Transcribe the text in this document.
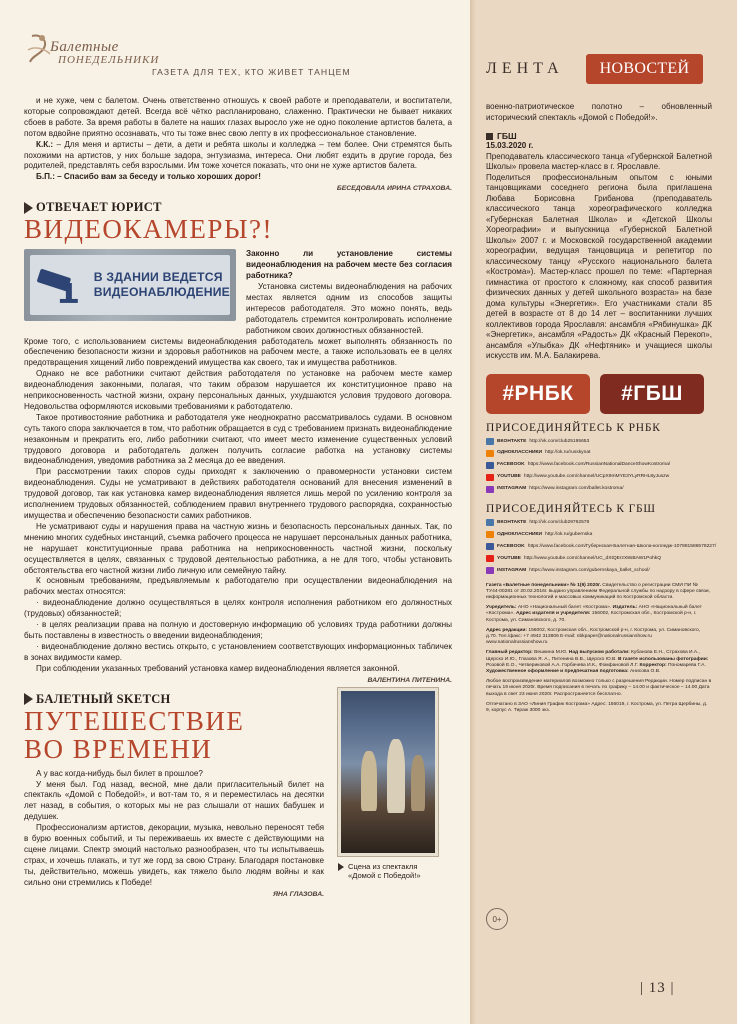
Балетные
ПОНЕДЕЛЬНИКИ
ГАЗЕТА ДЛЯ ТЕХ, КТО ЖИВЕТ ТАНЦЕМ

и не хуже, чем с балетом. Очень ответственно отношусь к своей работе и преподаватели, и воспитатели, которые сопровождают детей. Всегда всё чётко распланировано, слаженно. Практически не бывает никаких сбоев в работе. За время работы в балете на наших глазах выросло уже не одно поколение артистов балета, а потом вдвойне приятно осознавать, что ты тоже внес свою лепту в их профессиональное становление.

К.К.: – Для меня и артисты – дети, а дети и ребята школы и колледжа – тем более. Они стремятся быть похожими на артистов, у них больше задора, энтузиазма, интереса. Они любят ездить в другие города, без родителей, представлять себя взрослыми. Им тоже хочется показать, что они не хуже артистов балета.

Б.П.: – Спасибо вам за беседу и только хороших дорог!

БЕСЕДОВАЛА ИРИНА СТРАХОВА.
ОТВЕЧАЕТ ЮРИСТ
ВИДЕОКАМЕРЫ?!
В ЗДАНИИ ВЕДЕТСЯ
ВИДЕОНАБЛЮДЕНИЕ

Законно ли установление системы видеонаблюдения на рабочем месте без согласия работника?

Установка системы видеонаблюдения на рабочих местах является одним из способов защиты интересов работодателя. Это можно понять, ведь работодатель стремится контролировать исполнение работником своих должностных обязанностей.

Кроме того, с использованием системы видеонаблюдения работодатель может выполнять обязанность по обеспечению безопасности жизни и здоровья работников на рабочем месте, а также использовать ее в целях предотвращения хищений либо повреждений имущества как своего, так и имущества работников.

Однако не все работники считают действия работодателя по установке на рабочем месте камер видеонаблюдения законными, полагая, что таким образом нарушается их конституционное право на неприкосновенность частной жизни, охрану персональных данных, ухудшаются условия трудового договора. Недовольства оформляются исковыми требованиями к работодателю.

Такое противостояние работника и работодателя уже неоднократно рассматривалось судами. В основном суть такого спора заключается в том, что работник обращается в суд с требованием признать видеонаблюдение незаконным и прекратить его, либо работники считают, что имеет место изменение существенных условий трудового договора и работодатель должен получить согласие работка на установку системы видеонаблюдения, уведомив работника за 2 месяца до ее введения.

При рассмотрении таких споров суды приходят к заключению о правомерности установки систем видеонаблюдения. Суды не усматривают в действиях работодателя оснований для внесения изменений в трудовой договор, так как установка камер видеонаблюдения является лишь мерой по усилению контроля за исполнением трудовых обязанностей, соблюдением правил внутреннего трудового распорядка, сохранностью имущества и обеспечению безопасности самих работников.

Не усматривают суды и нарушения права на частную жизнь и безопасность персональных данных. Так, по мнению многих судебных инстанций, съемка рабочего процесса не нарушает персональных данных работника, не нарушает конституционные права работника на неприкосновенность частной жизни, поскольку осуществляется в целях, связанных с трудовой деятельностью работника, а не для того, чтобы установить обстоятельства его частной жизни либо личную или семейную тайну.

К основным требованиям, предъявляемым к работодателю при осуществлении видеонаблюдения на рабочих местах относятся:

· видеонаблюдение должно осуществляться в целях контроля исполнения работником его должностных (трудовых) обязанностей;

· в целях реализации права на полную и достоверную информацию об условиях труда работники должны быть поставлены в известность о введении видеонаблюдения;

· видеонаблюдение должно вестись открыто, с установлением соответствующих информационных табличек в зонах видимости камер.

При соблюдении указанных требований установка камер видеонаблюдения является законной.

ВАЛЕНТИНА ПИТЕНИНА.
БАЛЕТНЫЙ SKETCH
ПУТЕШЕСТВИЕ
ВО ВРЕМЕНИ

А у вас когда-нибудь был билет в прошлое?

У меня был. Год назад, весной, мне дали пригласительный билет на спектакль «Домой с Победой!», и вот-там то, я и переместилась на десятки лет назад, в события, о которых мы не раз слышали от наших бабушек и дедушек.

Профессионализм артистов, декорации, музыка, невольно переносят тебя в бурю военных событий, и ты переживаешь их вместе с действующими на сцене лицами. Спектр эмоций настолько разнообразен, что ты испытываешь страх, и хочешь плакать, и тут же горд за свою Страну. Благодаря постановке ты, действительно, можешь увидеть, как тяжело было людям войны и как сильно они стремились к Победе!

Сцена из спектакля
«Домой с Победой!»
ЯНА ГЛАЗОВА.
ЛЕНТА	НОВОСТЕЙ

военно-патриотическое полотно – обновленный исторический спектакль «Домой с Победой!».

ГБШ
15.03.2020 г.

Преподаватель классического танца «Губернской Балетной Школы» провела мастер-класс в г. Ярославле.

Поделиться профессиональным опытом с юными танцовщиками соседнего региона была приглашена Любава Борисовна Грибанова (преподаватель классического танца хореографического колледжа «Губернская Балетная Школа» и «Детской Школы Хореографии» и выпускница «Губернской Балетной Школы» 2007 г. и Московской государственной академии хореографии, ведущая танцовщица и репетитор по классическому танцу «Русского национального балета «Кострома»). Мастер-класс прошел по теме: «Партерная гимнастика от простого к сложному, как способ развития физических данных у детей школьного возраста» на базе дома культуры «Энергетик». Его участниками стали 85 детей в возрасте от 8 до 14 лет – воспитанники лучших коллективов города Ярославля: ансамбля «Рябинушка» ДК «Энергетик», ансамбля «Радость» ДК «Красный Перекоп», ансамбля «Улыбка» ДК «Нефтяник» и учащиеся школы искусств им. М.А. Балакирева.

#РНБК	#ГБШ
ПРИСОЕДИНЯЙТЕСЬ К РНБК
ВКОНТАКТЕ http://vk.com/club25195653
ОДНОКЛАССНИКИ http://ok.ru/russkynat
FACEBOOK https://www.facebook.com/RussianNationalDanceShowKostroma/
YOUTUBE http://www.youtube.com/channel/UCpX9mMYE3YLyRRHL8yJuszw
INSTAGRAM https://www.instagram.com/ballet.kostroma/
ПРИСОЕДИНЯЙТЕСЬ К ГБШ
ВКОНТАКТЕ http://vk.com/club29762578
ОДНОКЛАССНИКИ http://ok.ru/gubernska
FACEBOOK https://www.facebook.com/Губернская-Балетная-Школа-колледж-107881586578227/
YOUTUBE http://www.youtube.com/channel/UC_dXtQErzX8sBAW1PohkQ
INSTAGRAM https://www.instagram.com/gubernskaya_ballet_school/

Газета «Балетные понедельники» № 1(9) 2020г. Свидетельство о регистрации СМИ ПИ № ТУ44-00281 от 20.02.2016г. выдано управлением Федеральной службы по надзору в сфере связи, информационных технологий и массовых коммуникаций по Костромской области.

Учредитель: АНО «Национальный балет «Кострома». Издатель: АНО «Национальный балет «Кострома». Адрес издателя и учредителя: 156002, Костромская обл., Костромской р-н, г. Кострома, ул. Симановского, д. 70.

Адрес редакции: 156002, Костромская обл., Костромской р-н, г. Кострома, ул. Симановского, д.70. Тел./факс: +7 4942 313806 E-mail: nbkpaper@nationalrussianshow.ru www.nationalrussianshow.ru

Главный редактор: Вешкина М.Ю. Над выпуском работали: Кубанова Е.Н., Страхова И.А., Щерско И.Ю., Глазова Я. А., Питенина В.В., Щерско Ю.В. В газете использованы фотографии: Розовой Е.О., Четвериковой А.А. Горбачева И.К., Фомфановой Л.Г. Корректор: Пономарева Г.А. Художественное оформление и предпечатная подготовка: Анисова О.В.

Любое воспроизведение материалов возможно только с разрешения Редакции. Номер подписан в печать 19 июня 2020г. Время подписания в печать по графику – 14.00 и фактическое – 14.00 Дата выхода в свет 23 июня 2020г. Распространяется бесплатно.

Отпечатано в ЗАО «Линия График Кострома» Адрес: 156019, г. Кострома, ул. Петра Щербины, д. 9, корпус А. Тираж 3000 экз.

0+
| 13 |
